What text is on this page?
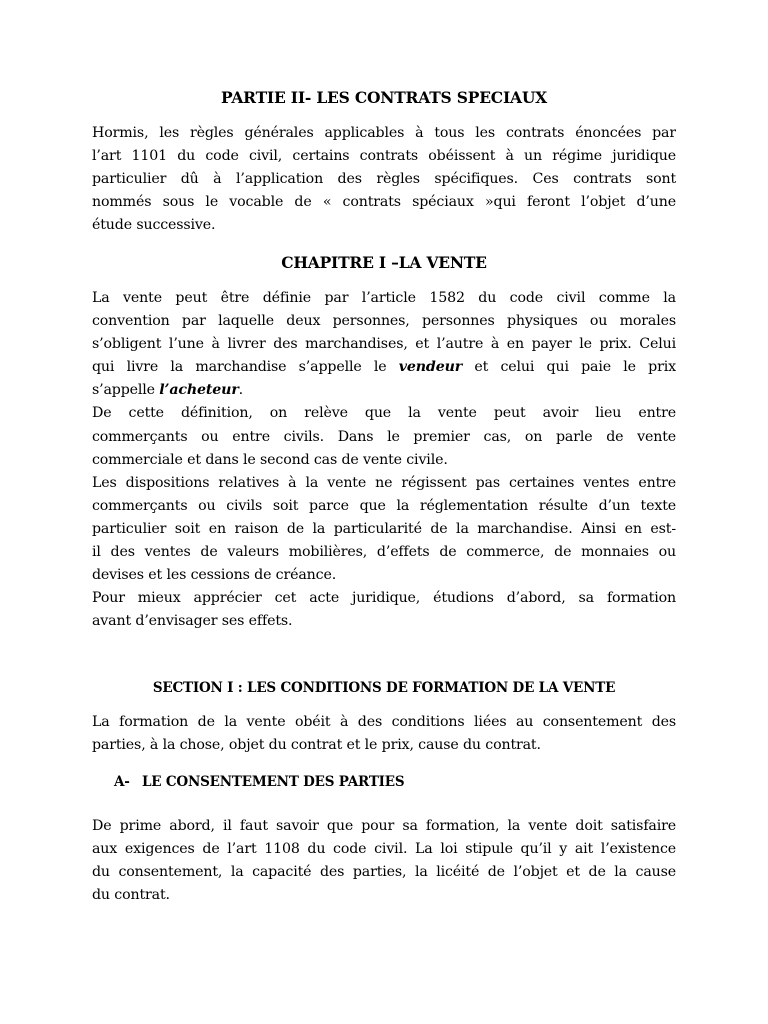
PARTIE II- LES CONTRATS SPECIAUX
Hormis, les règles générales applicables à tous les contrats énoncées par
l’art 1101 du code civil, certains contrats obéissent à un régime juridique
particulier dû à l’application des règles spécifiques. Ces contrats sont
nommés sous le vocable de « contrats spéciaux »qui feront l’objet d’une
étude successive.
CHAPITRE I –LA VENTE
La vente peut être définie par l’article 1582 du code civil comme la
convention par laquelle deux personnes, personnes physiques ou morales
s’obligent l’une à livrer des marchandises, et l’autre à en payer le prix. Celui
qui livre la marchandise s’appelle le vendeur et celui qui paie le prix
s’appelle l’acheteur.
De cette définition, on relève que la vente peut avoir lieu entre
commerçants ou entre civils. Dans le premier cas, on parle de vente
commerciale et dans le second cas de vente civile.
Les dispositions relatives à la vente ne régissent pas certaines ventes entre
commerçants ou civils soit parce que la réglementation résulte d’un texte
particulier soit en raison de la particularité de la marchandise. Ainsi en est-
il des ventes de valeurs mobilières, d’effets de commerce, de monnaies ou
devises et les cessions de créance.
Pour mieux apprécier cet acte juridique, étudions d’abord, sa formation
avant d’envisager ses effets.
SECTION I : LES CONDITIONS DE FORMATION DE LA VENTE
La formation de la vente obéit à des conditions liées au consentement des
parties, à la chose, objet du contrat et le prix, cause du contrat.
A- LE CONSENTEMENT DES PARTIES
De prime abord, il faut savoir que pour sa formation, la vente doit satisfaire
aux exigences de l’art 1108 du code civil. La loi stipule qu’il y ait l’existence
du consentement, la capacité des parties, la licéité de l’objet et de la cause
du contrat.
